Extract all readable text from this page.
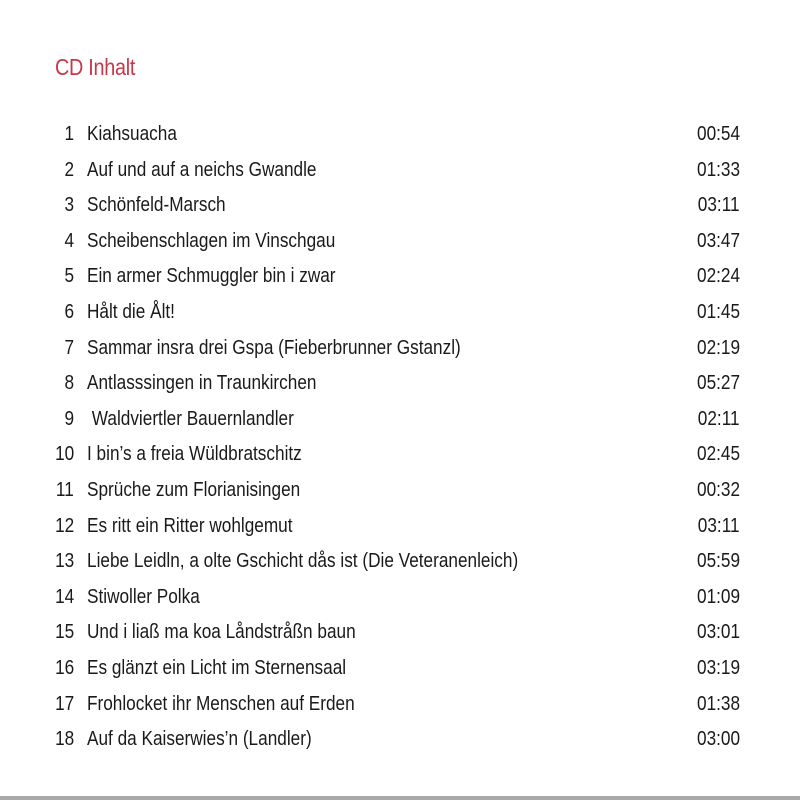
CD Inhalt
1 Kiahsuacha	00:54
2 Auf und auf a neichs Gwandle	01:33
3 Schönfeld-Marsch	03:11
4 Scheibenschlagen im Vinschgau	03:47
5 Ein armer Schmuggler bin i zwar	02:24
6 Hålt die Ålt!	01:45
7 Sammar insra drei Gspa (Fieberbrunner Gstanzl)	02:19
8 Antlasssingen in Traunkirchen	05:27
9 Waldviertler Bauernlandler	02:11
10 I bin’s a freia Wüldbratschitz	02:45
11 Sprüche zum Florianisingen	00:32
12 Es ritt ein Ritter wohlgemut	03:11
13 Liebe Leidln, a olte Gschicht dås ist (Die Veteranenleich)	05:59
14 Stiwoller Polka	01:09
15 Und i liaß ma koa Låndstråßn baun	03:01
16 Es glänzt ein Licht im Sternensaal	03:19
17 Frohlocket ihr Menschen auf Erden	01:38
18 Auf da Kaiserwies’n (Landler)	03:00
